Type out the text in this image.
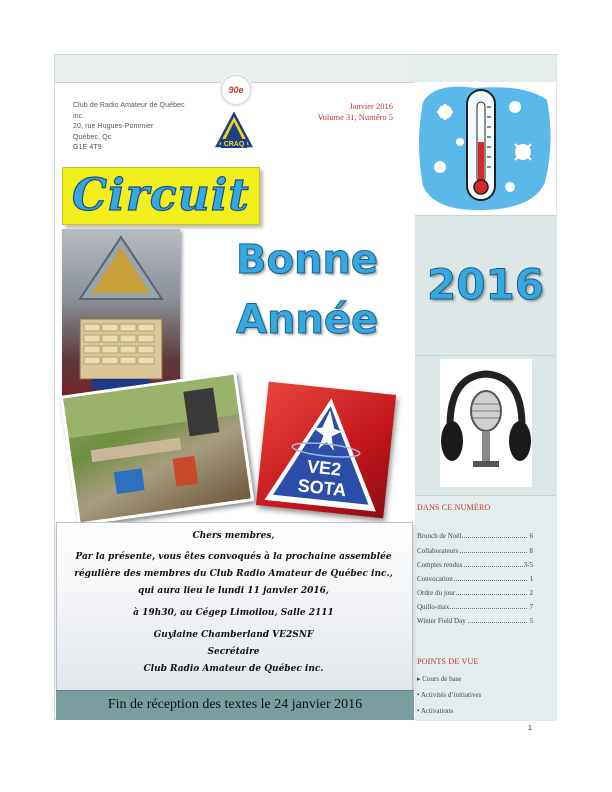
2016
DANS CE NUMÉRO
Brunch de Noël	6
Collaborateurs	8
Comptes rendus	3-5
Convocation	1
Ordre du jour	2
Quillo-max	7
Winter Field Day	5
POINTS DE VUE
▸ Cours de base
• Activités d’initiatives
• Activations
Club de Radio Amateur de Québec inc.
20, rue Hugues-Pommier
Québec, Qc
G1E 4T9
Janvier 2016
Volume 31, Numéro 5
90e
CRAQ
Circuit
Bonne
Année
VE2
SOTA
Chers membres,
Par la présente, vous êtes convoqués à la prochaine assemblée
régulière des membres du Club Radio Amateur de Québec inc.,
qui aura lieu le lundi 11 janvier 2016,
à 19h30, au Cégep Limoilou, Salle 2111
Guylaine Chamberland VE2SNF
Secrétaire
Club Radio Amateur de Québec inc.
Fin de réception des textes le 24 janvier 2016
1
